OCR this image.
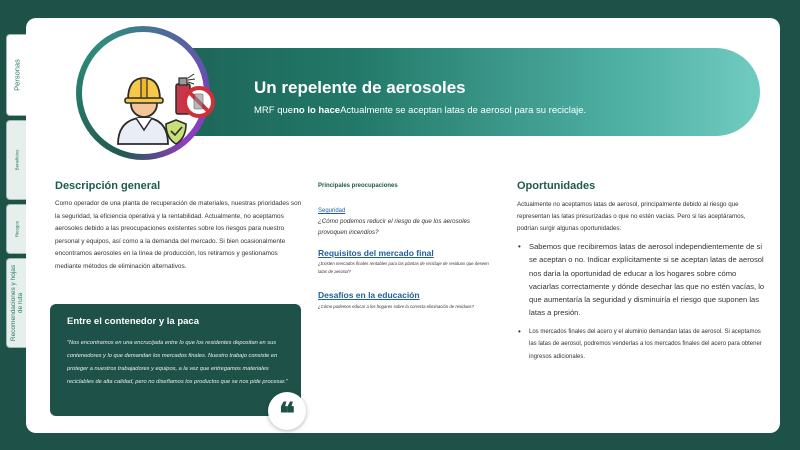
Personas
Beneficios
Riesgos
Recomendaciones y hojas de ruta
Un repelente de aerosoles
MRF queno lo haceActualmente se aceptan latas de aerosol para su reciclaje.
Descripción general
Como operador de una planta de recuperación de materiales, nuestras prioridades son la seguridad, la eficiencia operativa y la rentabilidad. Actualmente, no aceptamos aerosoles debido a las preocupaciones existentes sobre los riesgos para nuestro personal y equipos, así como a la demanda del mercado. Si bien ocasionalmente encontramos aerosoles en la línea de producción, los retiramos y gestionamos mediante métodos de eliminación alternativos.
Entre el contenedor y la paca
"Nos encontramos en una encrucijada entre lo que los residentes depositan en sus contenedores y lo que demandan los mercados finales. Nuestro trabajo consiste en proteger a nuestros trabajadores y equipos, a la vez que entregamos materiales reciclables de alta calidad, pero no diseñamos los productos que se nos pide procesar."
❝
Principales preocupaciones
Seguridad
¿Cómo podemos reducir el riesgo de que los aerosoles provoquen incendios?
Requisitos del mercado final
¿Existen mercados finales rentables para las plantas de reciclaje de residuos que deseen latas de aerosol?
Desafíos en la educación
¿Cómo podemos educar a los hogares sobre la correcta eliminación de residuos?
Oportunidades
Actualmente no aceptamos latas de aerosol, principalmente debido al riesgo que representan las latas presurizadas o que no estén vacías. Pero si las aceptáramos, podrían surgir algunas oportunidades:
• Sabemos que recibiremos latas de aerosol independientemente de si se aceptan o no. Indicar explícitamente si se aceptan latas de aerosol nos daría la oportunidad de educar a los hogares sobre cómo vaciarlas correctamente y dónde desechar las que no estén vacías, lo que aumentaría la seguridad y disminuiría el riesgo que suponen las latas a presión.
• Los mercados finales del acero y el aluminio demandan latas de aerosol. Si aceptamos las latas de aerosol, podremos venderlas a los mercados finales del acero para obtener ingresos adicionales.
